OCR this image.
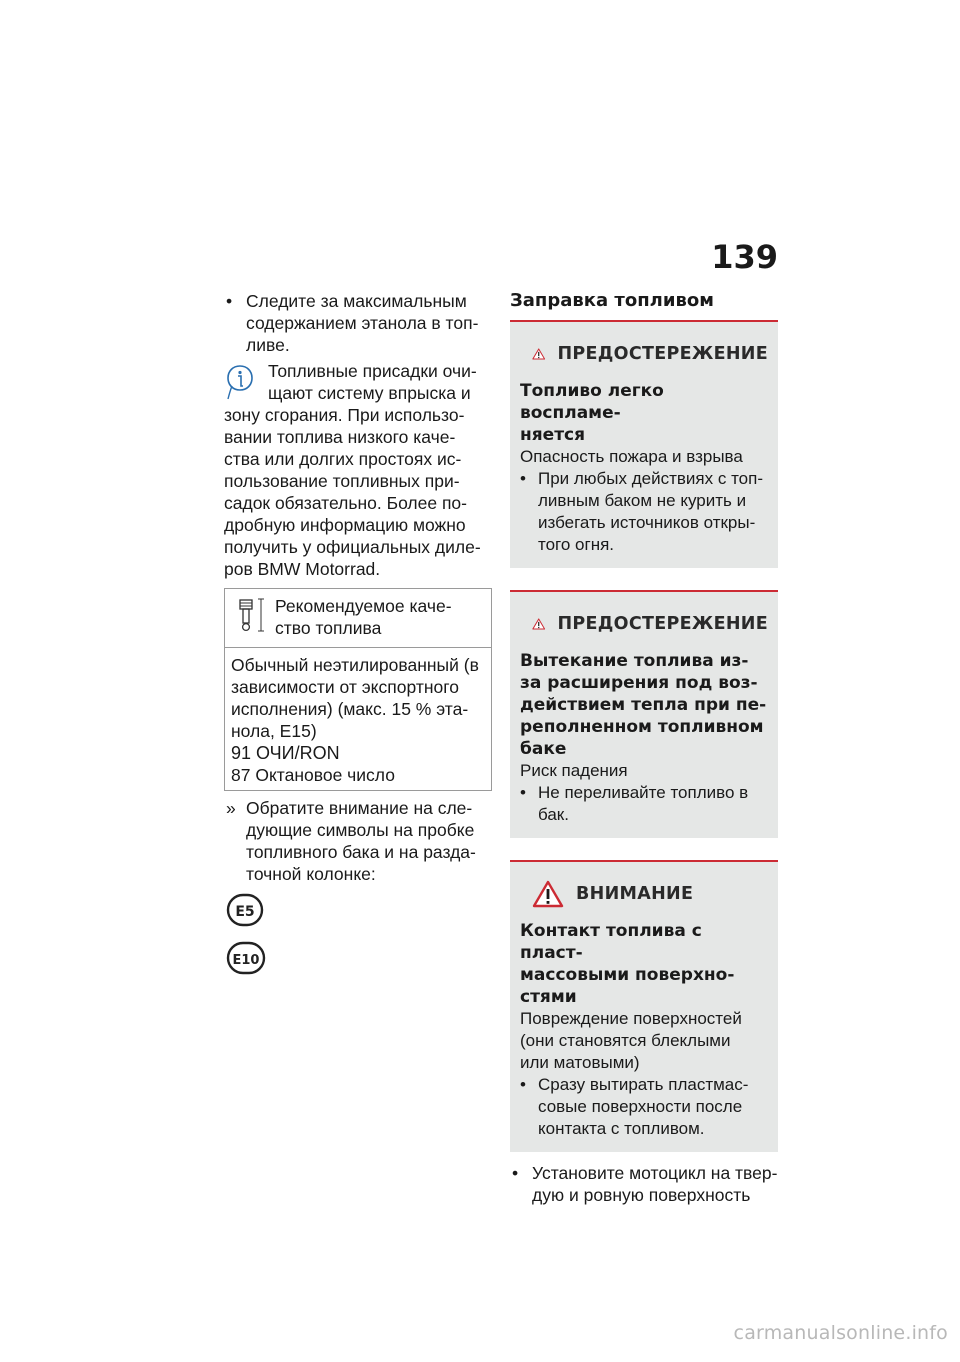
139
• Следите за максимальным
содержанием этанола в топ-
ливе.
Топливные присадки очи-
щают систему впрыска и

зону сгорания. При использо-

вании топлива низкого каче-

ства или долгих простоях ис-

пользование топливных при-

садок обязательно. Более по-

дробную информацию можно

получить у официальных диле-

ров BMW Motorrad.

Рекомендуемое каче-
ство топлива
Обычный неэтилированный (в
зависимости от экспортного
исполнения) (макс. 15 % эта-
нола, E15)
91 ОЧИ/RON
87 Октановое число
» Обратите внимание на сле-
дующие символы на пробке
топливного бака и на разда-
точной колонке:
E5
E10

Заправка топливом

ПРЕДОСТЕРЕЖЕНИЕ

Топливо легко воспламе-

няется

Опасность пожара и взрыва

• При любых действиях с топ-
ливным баком не курить и
избегать источников откры-
того огня.
ПРЕДОСТЕРЕЖЕНИЕ

Вытекание топлива из-

за расширения под воз-

действием тепла при пе-

реполненном топливном

баке

Риск падения

• Не переливайте топливо в
бак.
ВНИМАНИЕ

Контакт топлива с пласт-

массовыми поверхно-

стями

Повреждение поверхностей

(они становятся блеклыми

или матовыми)

• Сразу вытирать пластмас-
совые поверхности после
контакта с топливом.
• Установите мотоцикл на твер-
дую и ровную поверхность
carmanualsonline.info
